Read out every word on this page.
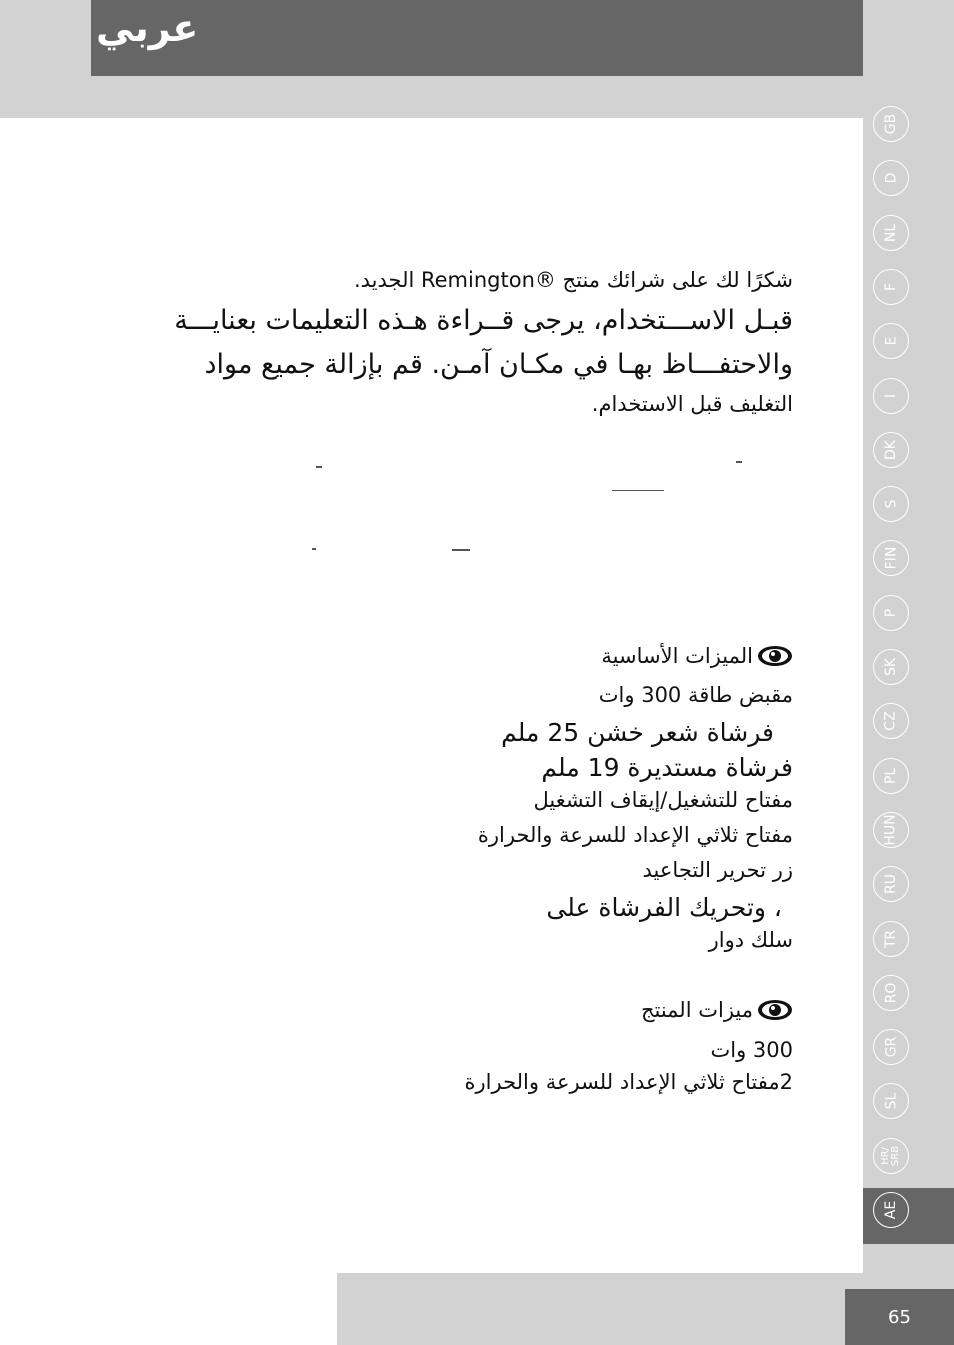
عربي
شكرًا لك على شرائك منتج ®Remington الجديد.
قبـل الاســـتخدام، يرجى قــراءة هـذه التعليمات بعنايـــة
والاحتفـــاظ بهـا في مكـان آمـن. قم بإزالة جميع مواد
التغليف قبل الاستخدام.
الميزات الأساسية
مقبض طاقة 300 وات
فرشاة شعر خشن 25 ملم
فرشاة مستديرة 19 ملم
مفتاح للتشغيل/إيقاف التشغيل
مفتاح ثلاثي الإعداد للسرعة والحرارة
زر تحرير التجاعيد
، وتحريك الفرشاة على
سلك دوار
ميزات المنتج
300 وات
2مفتاح ثلاثي الإعداد للسرعة والحرارة
GB
D
NL
F
E
I
DK
S
FIN
P
SK
CZ
PL
HUN
RU
TR
RO
GR
SL
HR/
SRB
AE
65
